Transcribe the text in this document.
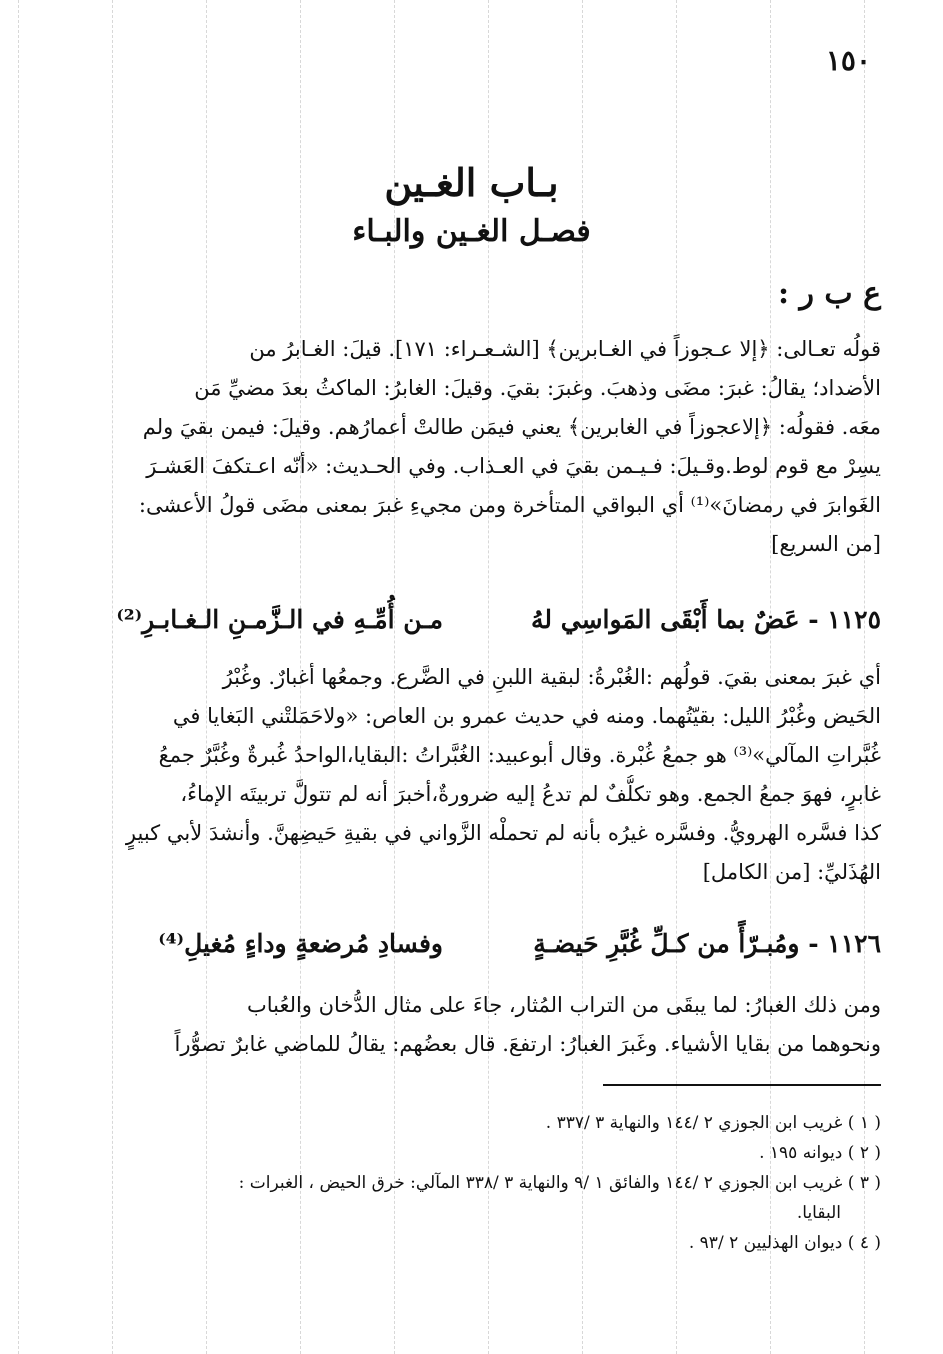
١٥٠
بـاب الغـين
فصـل الغـين والبـاء
ع ب ر :
قولُه تعـالى: ﴿إلا عـجوزاً في الغـابرين﴾ [الشـعـراء: ١٧١]. قيلَ: الغـابرُ من
الأضداد؛ يقالُ: غبرَ: مضَى وذهبَ. وغبرَ: بقيَ. وقيلَ: الغابرُ: الماكثُ بعدَ مضيِّ مَن
معَه. فقولُه: ﴿إلاعجوزاً في الغابرين﴾ يعني فيمَن طالتْ أعمارُهم. وقيلَ: فيمن بقيَ ولم
يسِرْ مع قوم لوط.وقـيلَ: فـيـمن بقيَ في العـذاب. وفي الحـديث: «أنّه اعـتكفَ العَشـرَ
الغَوابرَ في رمضانَ»⁽¹⁾ أي البواقي المتأخرة ومن مجيءِ غبرَ بمعنى مضَى قولُ الأعشى:
[من السريع]
١١٢٥ - عَضٌ بما أَبْقَى المَواسِي لهُ
مـن أُمِّـهِ في الـزَّمـنِ الـغـابـرِ⁽²⁾
أي غبرَ بمعنى بقيَ. قولُهم :الغُبْرةُ: لبقية اللبنِ في الضَّرع. وجمعُها أغبارٌ. وغُبْرُ
الحَيض وغُبْرُ الليل: بقيّتُهما. ومنه في حديث عمرو بن العاص: «ولاحَمَلتْني البَغايا في
غُبَّراتِ المآلي»⁽³⁾ هو جمعُ غُبْرة. وقال أبوعبيد: الغُبَّراتُ :البقايا،الواحدُ غُبرةٌ وغُبَّرٌ جمعُ
غابرٍ، فهوَ جمعُ الجمع. وهو تكلُّفٌ لم تدعُ إليه ضرورةٌ،أخبرَ أنه لم تتولَّ تربيتَه الإماءُ،
كذا فسَّره الهرويُّ. وفسَّره غيرُه بأنه لم تحملْه الزَّواني في بقيةِ حَيضِهنَّ. وأنشدَ لأبي كبيرٍ
الهُذَليِّ: [من الكامل]
١١٢٦ - ومُبـرّأً من كـلِّ غُبَّرِ حَيضـةٍ
وفسادِ مُرضعةٍ وداءٍ مُغيلِ⁽⁴⁾
ومن ذلك الغبارُ: لما يبقَى من التراب المُثار، جاءَ على مثال الدُّخان والعُباب
ونحوهما من بقايا الأشياء. وغَبرَ الغبارُ: ارتفعَ. قال بعضُهم: يقالُ للماضي غابرٌ تصوُّراً
( ١ ) غريب ابن الجوزي ٢ /١٤٤ والنهاية ٣ /٣٣٧ .
( ٢ ) ديوانه ١٩٥ .
( ٣ ) غريب ابن الجوزي ٢ /١٤٤ والفائق ١ /٩ والنهاية ٣ /٣٣٨ المآلي: خرق الحيض ، الغبرات :
البقايا.
( ٤ ) ديوان الهذليين ٢ /٩٣ .
